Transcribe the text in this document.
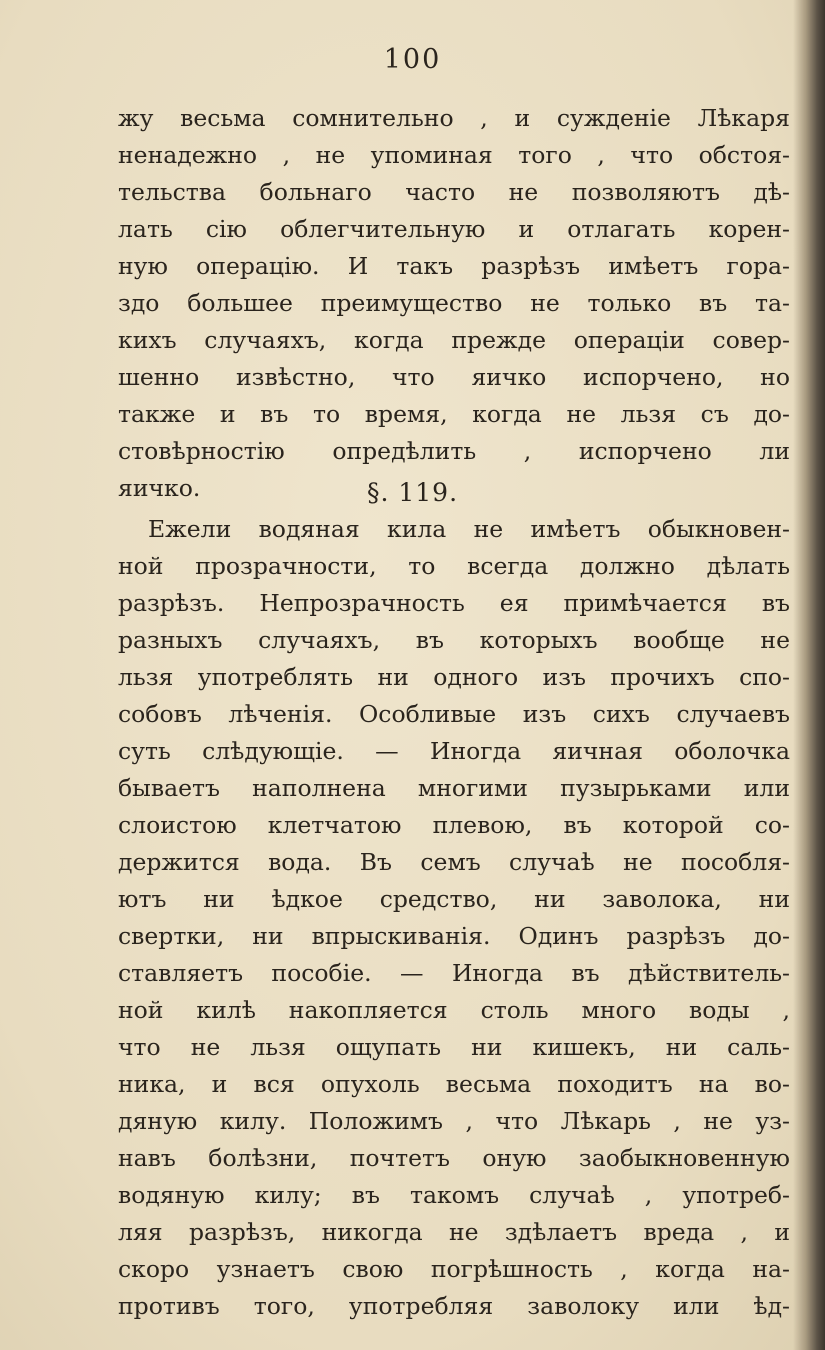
100
жу весьма сомнительно , и сужденіе Лѣкаря
ненадежно , не упоминая того , что обстоя-
тельства больнаго часто не позволяютъ дѣ-
лать сію облегчительную и отлагать корен-
ную операцію. И такъ разрѣзъ имѣетъ гора-
здо большее преимущество не только въ та-
кихъ случаяхъ, когда прежде операціи совер-
шенно извѣстно, что яичко испорчено, но
также и въ то время, когда не льзя съ до-
стовѣрностію опредѣлить , испорчено ли
яичко.	§. 119.
Ежели водяная кила не имѣетъ обыкновен-
ной прозрачности, то всегда должно дѣлать
разрѣзъ. Непрозрачность ея примѣчается въ
разныхъ случаяхъ, въ которыхъ вообще не
льзя употреблять ни одного изъ прочихъ спо-
собовъ лѣченія. Особливые изъ сихъ случаевъ
суть слѣдующіе. — Иногда яичная оболочка
бываетъ наполнена многими пузырьками или
слоистою клетчатою плевою, въ которой со-
держится вода. Въ семъ случаѣ не пособля-
ютъ ни ѣдкое средство, ни заволока, ни
свертки, ни впрыскиванія. Одинъ разрѣзъ до-
ставляетъ пособіе. — Иногда въ дѣйствитель-
ной килѣ накопляется столь много воды ,
что не льзя ощупать ни кишекъ, ни саль-
ника, и вся опухоль весьма походитъ на во-
дяную килу. Положимъ , что Лѣкарь , не уз-
навъ болѣзни, почтетъ оную заобыкновенную
водяную килу; въ такомъ случаѣ , употреб-
ляя разрѣзъ, никогда не здѣлаетъ вреда , и
скоро узнаетъ свою погрѣшность , когда на-
противъ того, употребляя заволоку или ѣд-
